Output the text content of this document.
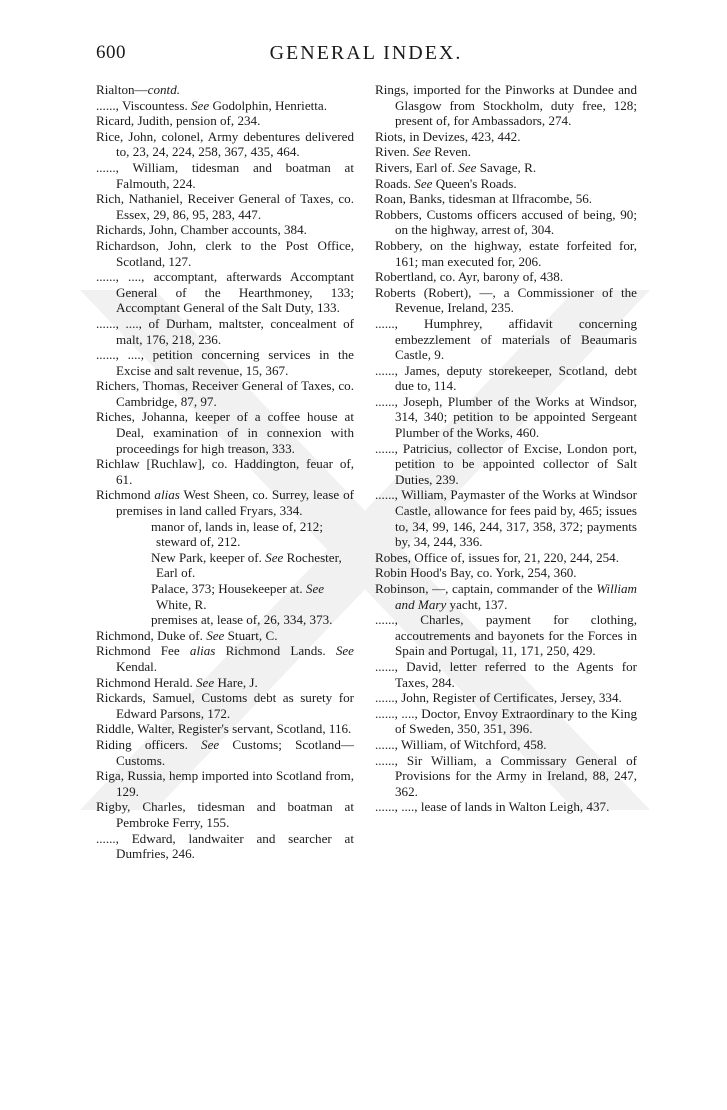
600	GENERAL INDEX.

Rialton—contd.

......, Viscountess. See Godolphin, Henrietta.

Ricard, Judith, pension of, 234.

Rice, John, colonel, Army debentures delivered to, 23, 24, 224, 258, 367, 435, 464.

......, William, tidesman and boatman at Falmouth, 224.

Rich, Nathaniel, Receiver General of Taxes, co. Essex, 29, 86, 95, 283, 447.

Richards, John, Chamber accounts, 384.

Richardson, John, clerk to the Post Office, Scotland, 127.

......, ...., accomptant, afterwards Accomptant General of the Hearthmoney, 133; Accomptant General of the Salt Duty, 133.

......, ...., of Durham, maltster, concealment of malt, 176, 218, 236.

......, ...., petition concerning services in the Excise and salt revenue, 15, 367.

Richers, Thomas, Receiver General of Taxes, co. Cambridge, 87, 97.

Riches, Johanna, keeper of a coffee house at Deal, examination of in connexion with proceedings for high treason, 333.

Richlaw [Ruchlaw], co. Haddington, feuar of, 61.

Richmond alias West Sheen, co. Surrey, lease of premises in land called Fryars, 334.

manor of, lands in, lease of, 212; steward of, 212.

New Park, keeper of. See Rochester, Earl of.

Palace, 373; Housekeeper at. See White, R.

premises at, lease of, 26, 334, 373.

Richmond, Duke of. See Stuart, C.

Richmond Fee alias Richmond Lands. See Kendal.

Richmond Herald. See Hare, J.

Rickards, Samuel, Customs debt as surety for Edward Parsons, 172.

Riddle, Walter, Register's servant, Scotland, 116.

Riding officers. See Customs; Scotland—Customs.

Riga, Russia, hemp imported into Scotland from, 129.

Rigby, Charles, tidesman and boatman at Pembroke Ferry, 155.

......, Edward, landwaiter and searcher at Dumfries, 246.

Rings, imported for the Pinworks at Dundee and Glasgow from Stockholm, duty free, 128; present of, for Ambassadors, 274.

Riots, in Devizes, 423, 442.

Riven. See Reven.

Rivers, Earl of. See Savage, R.

Roads. See Queen's Roads.

Roan, Banks, tidesman at Ilfracombe, 56.

Robbers, Customs officers accused of being, 90; on the highway, arrest of, 304.

Robbery, on the highway, estate forfeited for, 161; man executed for, 206.

Robertland, co. Ayr, barony of, 438.

Roberts (Robert), —, a Commissioner of the Revenue, Ireland, 235.

......, Humphrey, affidavit concerning embezzlement of materials of Beaumaris Castle, 9.

......, James, deputy storekeeper, Scotland, debt due to, 114.

......, Joseph, Plumber of the Works at Windsor, 314, 340; petition to be appointed Sergeant Plumber of the Works, 460.

......, Patricius, collector of Excise, London port, petition to be appointed collector of Salt Duties, 239.

......, William, Paymaster of the Works at Windsor Castle, allowance for fees paid by, 465; issues to, 34, 99, 146, 244, 317, 358, 372; payments by, 34, 244, 336.

Robes, Office of, issues for, 21, 220, 244, 254.

Robin Hood's Bay, co. York, 254, 360.

Robinson, —, captain, commander of the William and Mary yacht, 137.

......, Charles, payment for clothing, accoutrements and bayonets for the Forces in Spain and Portugal, 11, 171, 250, 429.

......, David, letter referred to the Agents for Taxes, 284.

......, John, Register of Certificates, Jersey, 334.

......, ...., Doctor, Envoy Extraordinary to the King of Sweden, 350, 351, 396.

......, William, of Witchford, 458.

......, Sir William, a Commissary General of Provisions for the Army in Ireland, 88, 247, 362.

......, ...., lease of lands in Walton Leigh, 437.
